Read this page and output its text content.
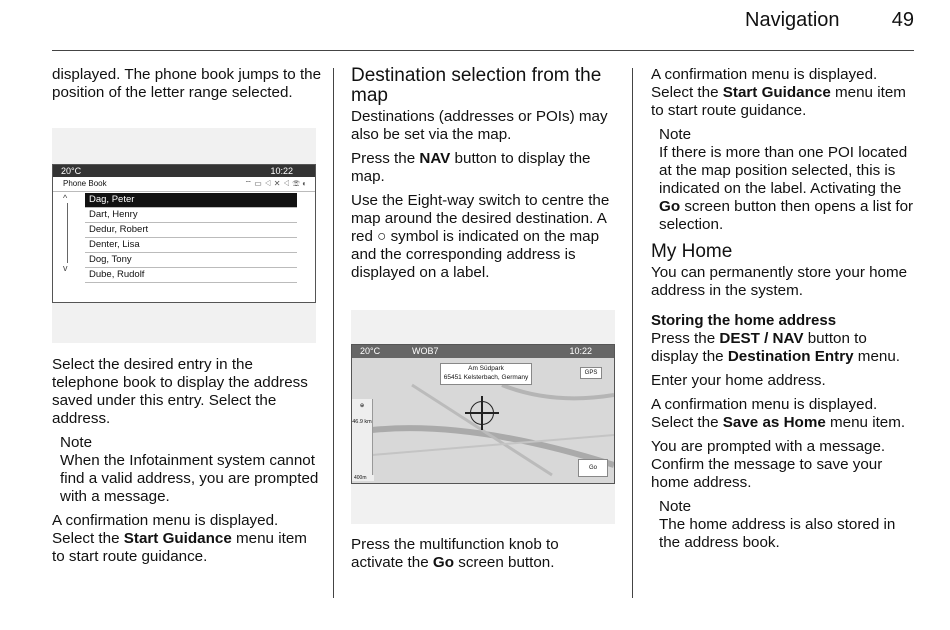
Navigation	49

displayed. The phone book jumps to the position of the letter range selected.

20°C	10:22
Phone Book	⌔ ▭ ◁ ✕ ◁ ☏ ◐
^
v
Dag, Peter
Dart, Henry
Dedur, Robert
Denter, Lisa
Dog, Tony
Dube, Rudolf

Select the desired entry in the telephone book to display the address saved under this entry. Select the address.

Note
When the Infotainment system cannot find a valid address, you are prompted with a message.

A confirmation menu is displayed. Select the Start Guidance menu item to start route guidance.

Destination selection from the map

Destinations (addresses or POIs) may also be set via the map.

Press the NAV button to display the map.

Use the Eight-way switch to centre the map around the desired destination. A red ○ symbol is indicated on the map and the corresponding address is displayed on a label.

20°C	WOB7	10:22
Am Südpark
65451 Kelsterbach, Germany
GPS
⊕
46.9 km
400m
Go

Press the multifunction knob to activate the Go screen button.

A confirmation menu is displayed. Select the Start Guidance menu item to start route guidance.

Note
If there is more than one POI located at the map position selected, this is indicated on the label. Activating the Go screen button then opens a list for selection.
My Home

You can permanently store your home address in the system.

Storing the home address

Press the DEST / NAV button to display the Destination Entry menu.

Enter your home address.

A confirmation menu is displayed. Select the Save as Home menu item.

You are prompted with a message. Confirm the message to save your home address.

Note
The home address is also stored in the address book.
